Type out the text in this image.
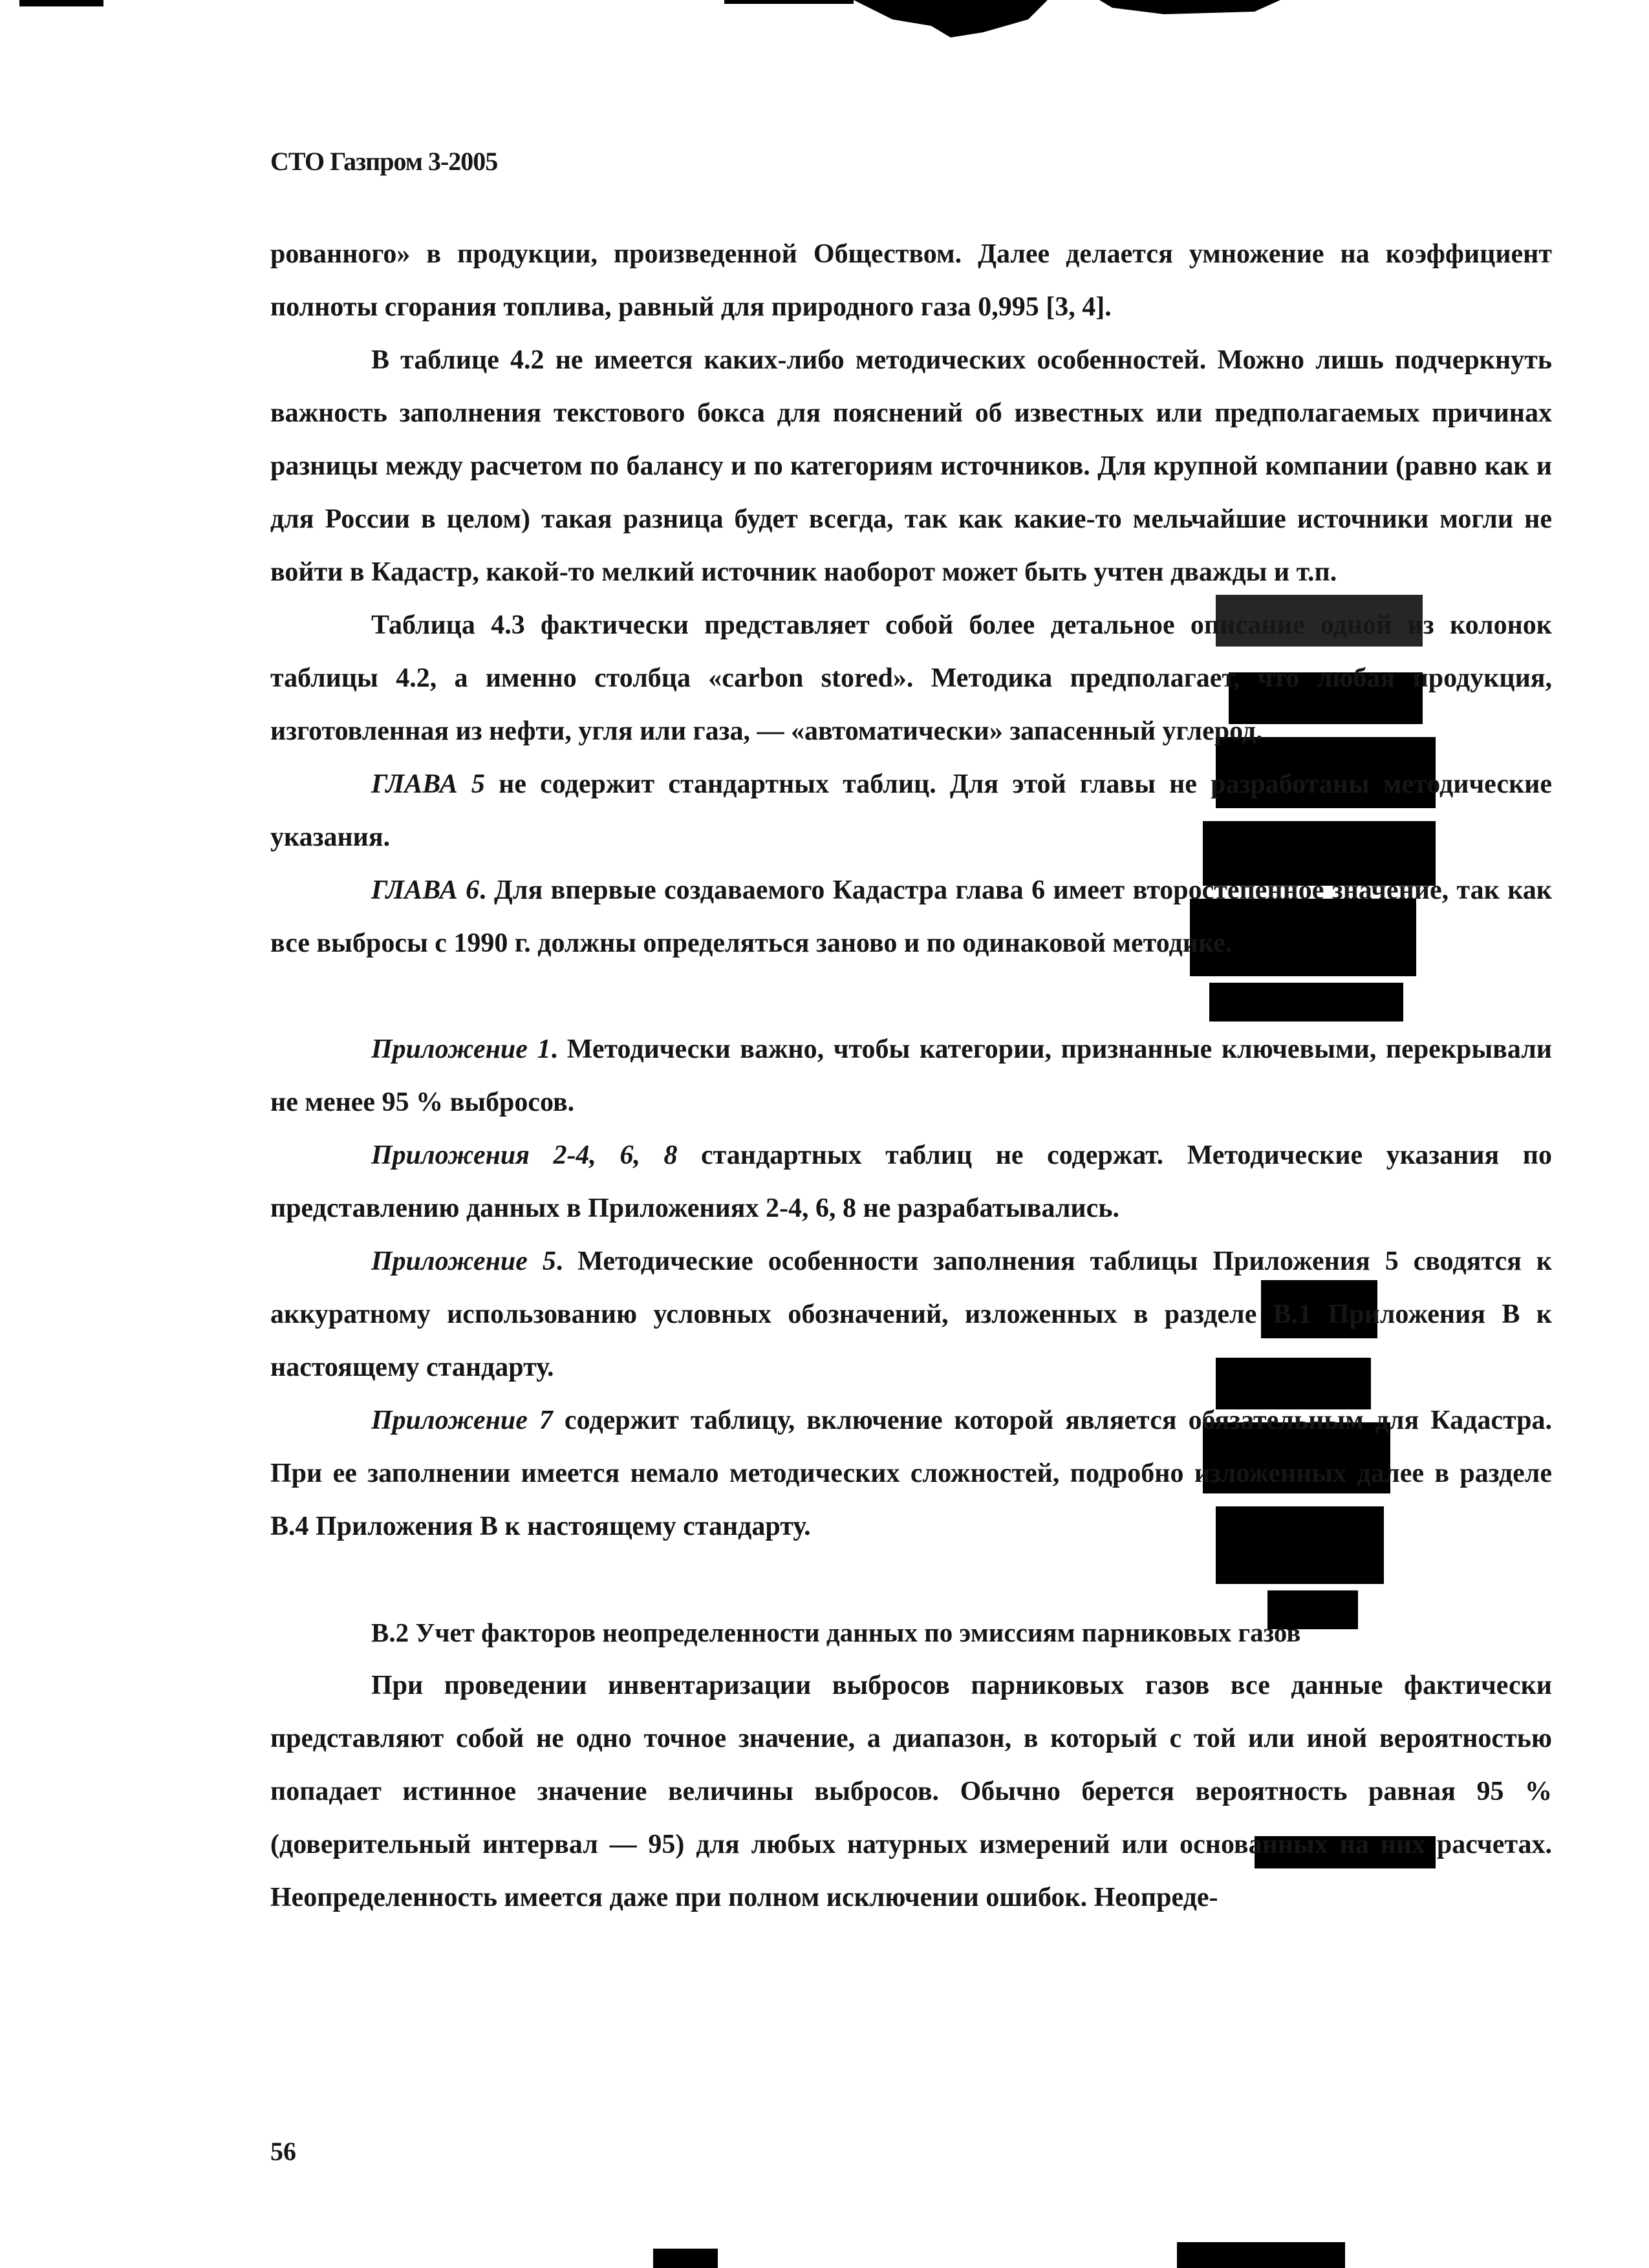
СТО Газпром 3-2005

рованного» в продукции, произведенной Обществом. Далее делается умножение на коэффициент полноты сгорания топлива, равный для природного газа 0,995 [3, 4].

В таблице 4.2 не имеется каких-либо методических особенностей. Можно лишь подчеркнуть важность заполнения текстового бокса для пояснений об известных или предполагаемых причинах разницы между расчетом по балансу и по категориям источников. Для крупной компании (равно как и для России в целом) такая разница будет всегда, так как какие-то мельчайшие источники могли не войти в Кадастр, какой-то мелкий источник наоборот может быть учтен дважды и т.п.

Таблица 4.3 фактически представляет собой более детальное описание одной из колонок таблицы 4.2, а именно столбца «carbon stored». Методика предполагает, что любая продукция, изготовленная из нефти, угля или газа, — «автоматически» запасенный углерод.

ГЛАВА 5 не содержит стандартных таблиц. Для этой главы не разработаны методические указания.

ГЛАВА 6. Для впервые создаваемого Кадастра глава 6 имеет второстепенное значение, так как все выбросы с 1990 г. должны определяться заново и по одинаковой методике.

Приложение 1. Методически важно, чтобы категории, признанные ключевыми, перекрывали не менее 95 % выбросов.

Приложения 2-4, 6, 8 стандартных таблиц не содержат. Методические указания по представлению данных в Приложениях 2-4, 6, 8 не разрабатывались.

Приложение 5. Методические особенности заполнения таблицы Приложения 5 сводятся к аккуратному использованию условных обозначений, изложенных в разделе В.1 Приложения В к настоящему стандарту.

Приложение 7 содержит таблицу, включение которой является обязательным для Кадастра. При ее заполнении имеется немало методических сложностей, подробно изложенных далее в разделе В.4 Приложения В к настоящему стандарту.

В.2 Учет факторов неопределенности данных по эмиссиям парниковых газов

При проведении инвентаризации выбросов парниковых газов все данные фактически представляют собой не одно точное значение, а диапазон, в который с той или иной вероятностью попадает истинное значение величины выбросов. Обычно берется вероятность равная 95 % (доверительный интервал — 95) для любых натурных измерений или основанных на них расчетах. Неопределенность имеется даже при полном исключении ошибок. Неопреде-

56
